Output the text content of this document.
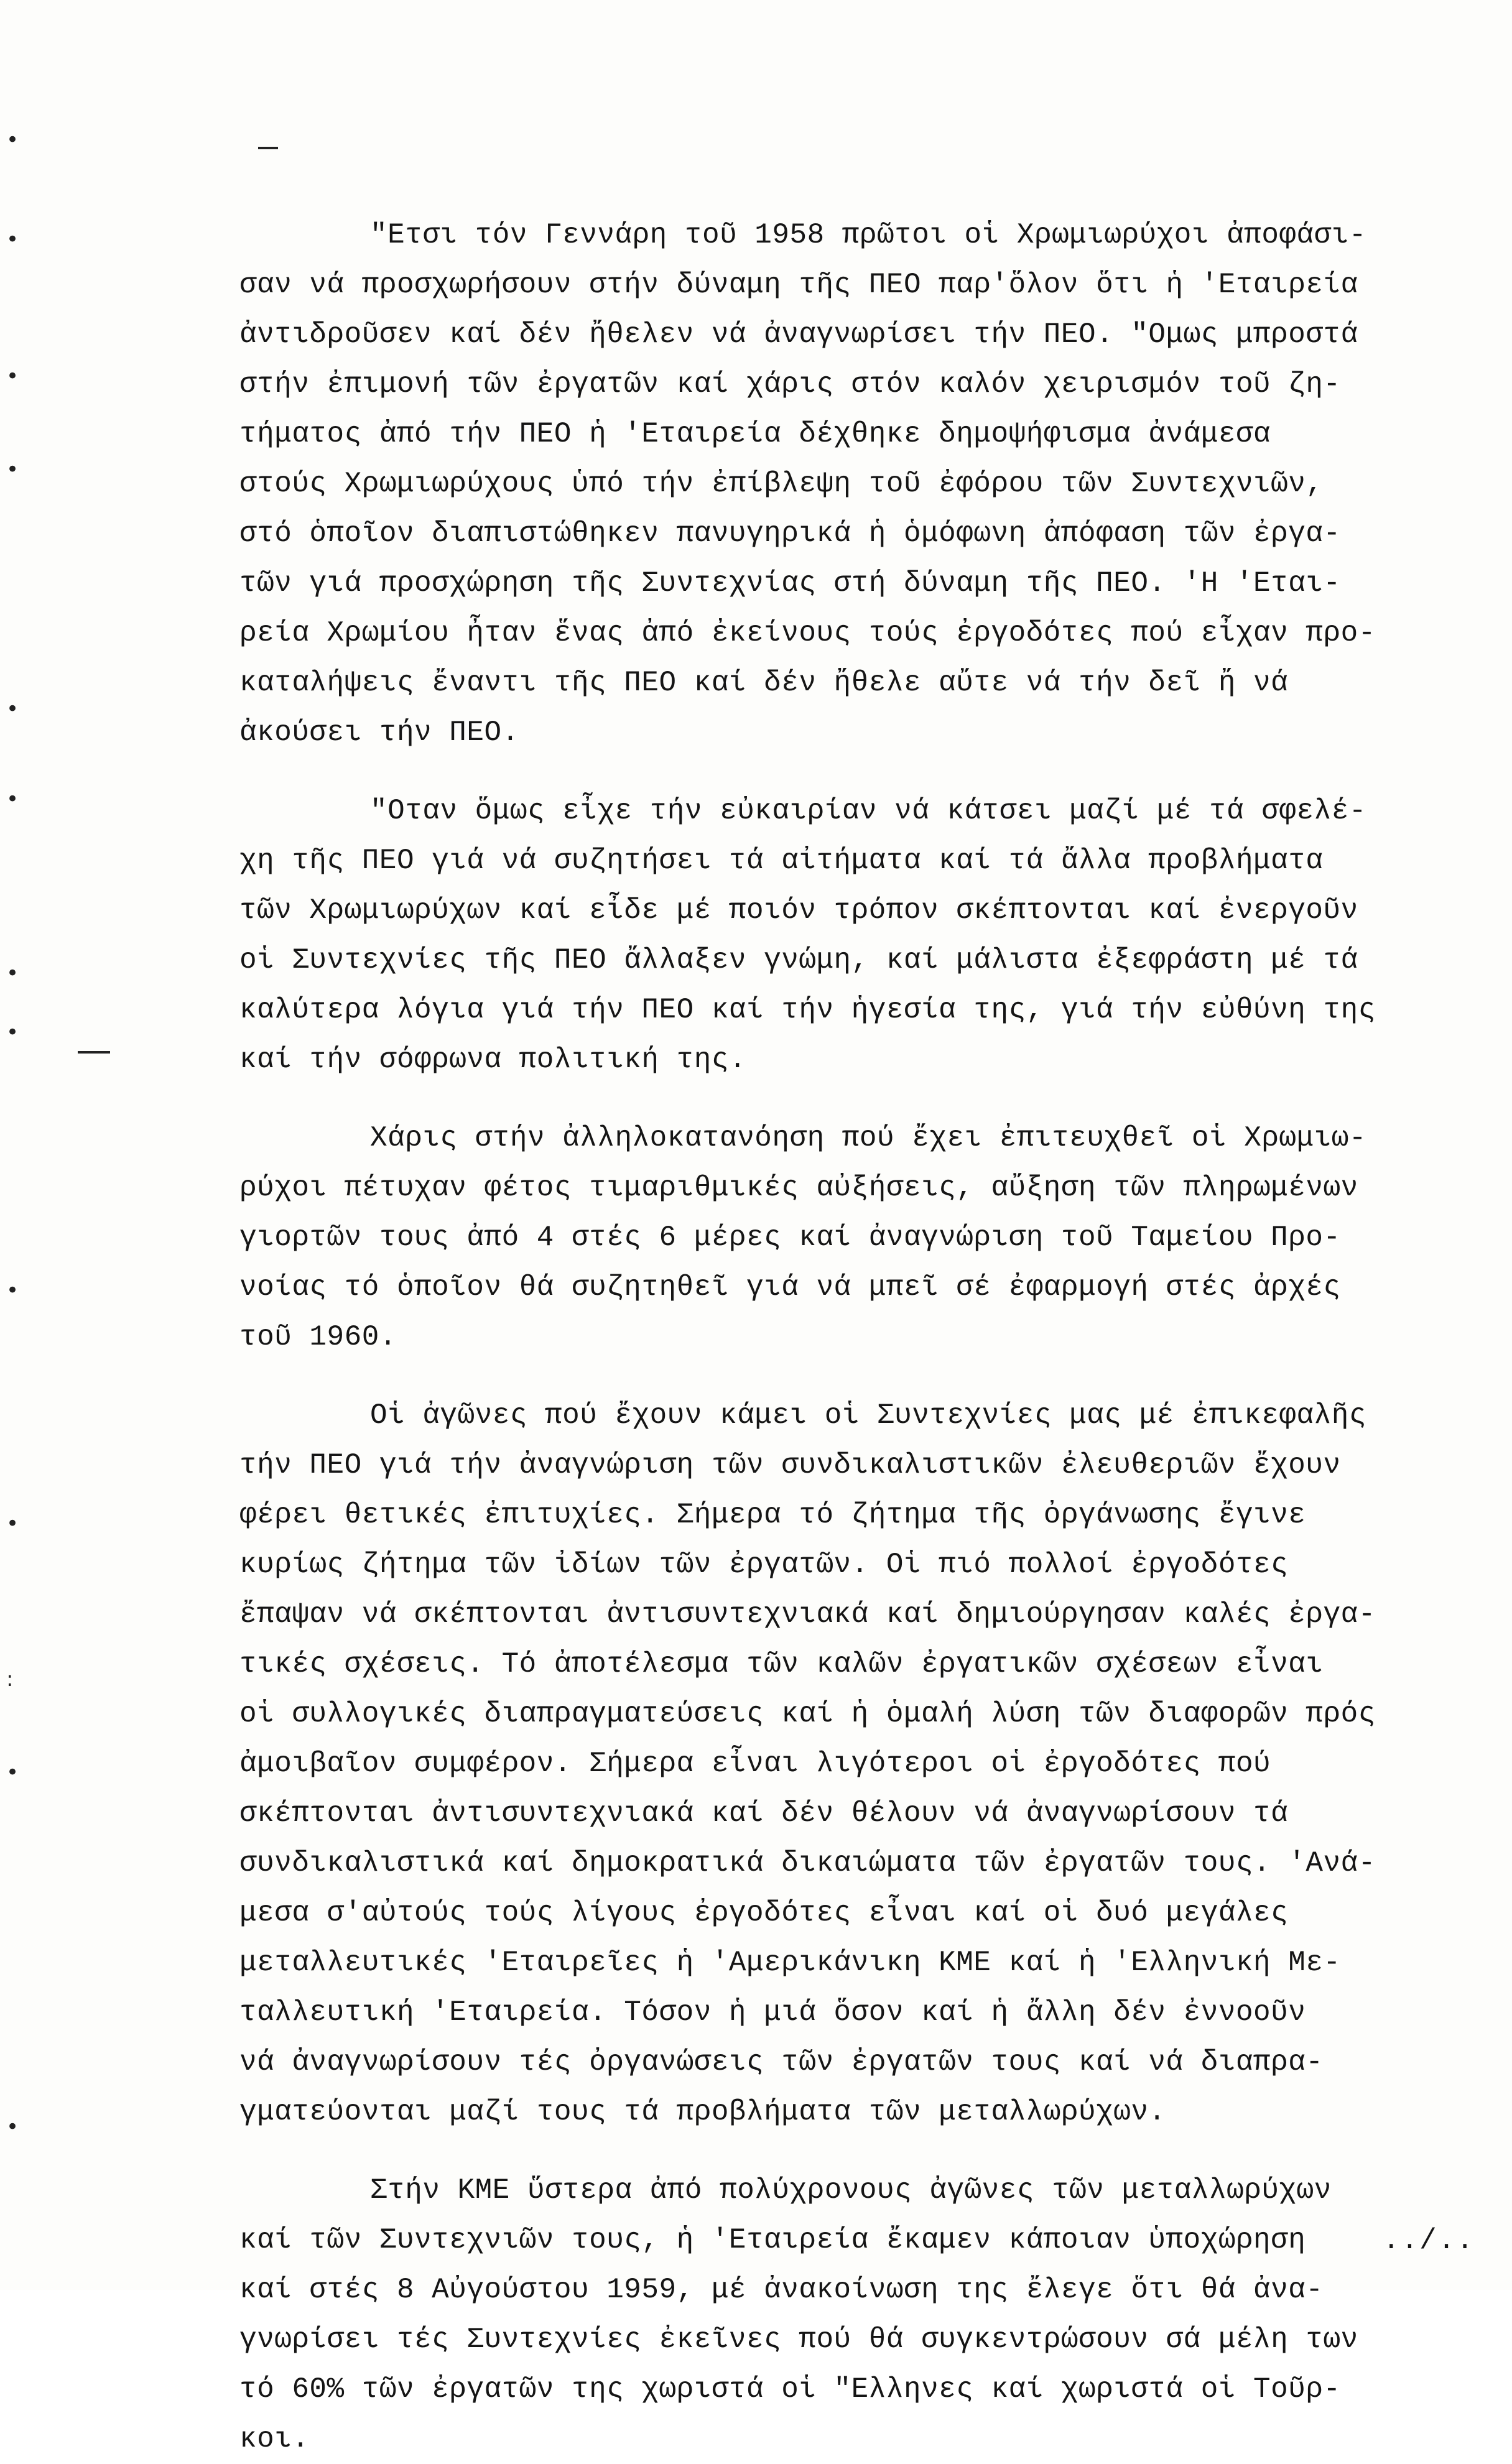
•
•
•
•
•
•
•
•
•
•
:
•
•
"Ετσι τόν Γεννάρη τοῦ 1958 πρῶτοι οἱ Χρωμιωρύχοι ἀποφάσι-
σαν νά προσχωρήσουν στήν δύναμη τῆς ΠΕΟ παρ'ὅλον ὅτι ἡ 'Εταιρεία
ἀντιδροῦσεν καί δέν ἤθελεν νά ἀναγνωρίσει τήν ΠΕΟ. "Ομως μπροστά
στήν ἐπιμονή τῶν ἐργατῶν καί χάρις στόν καλόν χειρισμόν τοῦ ζη-
τήματος ἀπό τήν ΠΕΟ ἡ 'Εταιρεία δέχθηκε δημοψήφισμα ἀνάμεσα
στούς Χρωμιωρύχους ὑπό τήν ἐπίβλεψη τοῦ ἐφόρου τῶν Συντεχνιῶν,
στό ὁποῖον διαπιστώθηκεν πανυγηρικά ἡ ὁμόφωνη ἀπόφαση τῶν ἐργα-
τῶν γιά προσχώρηση τῆς Συντεχνίας στή δύναμη τῆς ΠΕΟ. 'Η 'Εται-
ρεία Χρωμίου ἦταν ἕνας ἀπό ἐκείνους τούς ἐργοδότες πού εἶχαν προ-
καταλήψεις ἔναντι τῆς ΠΕΟ καί δέν ἤθελε αὔτε νά τήν δεῖ ἤ νά
ἀκούσει τήν ΠΕΟ.
"Οταν ὅμως εἶχε τήν εὐκαιρίαν νά κάτσει μαζί μέ τά σφελέ-
χη τῆς ΠΕΟ γιά νά συζητήσει τά αἰτήματα καί τά ἄλλα προβλήματα
τῶν Χρωμιωρύχων καί εἶδε μέ ποιόν τρόπον σκέπτονται καί ἐνεργοῦν
οἱ Συντεχνίες τῆς ΠΕΟ ἄλλαξεν γνώμη, καί μάλιστα ἐξεφράστη μέ τά
καλύτερα λόγια γιά τήν ΠΕΟ καί τήν ἡγεσία της, γιά τήν εὐθύνη της
καί τήν σόφρωνα πολιτική της.
Χάρις στήν ἀλληλοκατανόηση πού ἔχει ἐπιτευχθεῖ οἱ Χρωμιω-
ρύχοι πέτυχαν φέτος τιμαριθμικές αὐξήσεις, αὔξηση τῶν πληρωμένων
γιορτῶν τους ἀπό 4 στές 6 μέρες καί ἀναγνώριση τοῦ Ταμείου Προ-
νοίας τό ὁποῖον θά συζητηθεῖ γιά νά μπεῖ σέ ἐφαρμογή στές ἀρχές
τοῦ 1960.
Οἱ ἀγῶνες πού ἔχουν κάμει οἱ Συντεχνίες μας μέ ἐπικεφαλῆς
τήν ΠΕΟ γιά τήν ἀναγνώριση τῶν συνδικαλιστικῶν ἐλευθεριῶν ἔχουν
φέρει θετικές ἐπιτυχίες. Σήμερα τό ζήτημα τῆς ὀργάνωσης ἔγινε
κυρίως ζήτημα τῶν ἰδίων τῶν ἐργατῶν. Οἱ πιό πολλοί ἐργοδότες
ἔπαψαν νά σκέπτονται ἀντισυντεχνιακά καί δημιούργησαν καλές ἐργα-
τικές σχέσεις. Τό ἀποτέλεσμα τῶν καλῶν ἐργατικῶν σχέσεων εἶναι
οἱ συλλογικές διαπραγματεύσεις καί ἡ ὁμαλή λύση τῶν διαφορῶν πρός
ἀμοιβαῖον συμφέρον. Σήμερα εἶναι λιγότεροι οἱ ἐργοδότες πού
σκέπτονται ἀντισυντεχνιακά καί δέν θέλουν νά ἀναγνωρίσουν τά
συνδικαλιστικά καί δημοκρατικά δικαιώματα τῶν ἐργατῶν τους. 'Ανά-
μεσα σ'αὐτούς τούς λίγους ἐργοδότες εἶναι καί οἱ δυό μεγάλες
μεταλλευτικές 'Εταιρεῖες ἡ 'Αμερικάνικη ΚΜΕ καί ἡ 'Ελληνική Με-
ταλλευτική 'Εταιρεία. Τόσον ἡ μιά ὅσον καί ἡ ἄλλη δέν ἐννοοῦν
νά ἀναγνωρίσουν τές ὀργανώσεις τῶν ἐργατῶν τους καί νά διαπρα-
γματεύονται μαζί τους τά προβλήματα τῶν μεταλλωρύχων.
Στήν ΚΜΕ ὕστερα ἀπό πολύχρονους ἀγῶνες τῶν μεταλλωρύχων
καί τῶν Συντεχνιῶν τους, ἡ 'Εταιρεία ἔκαμεν κάποιαν ὑποχώρηση
καί στές 8 Αὐγούστου 1959, μέ ἀνακοίνωση της ἔλεγε ὅτι θά ἀνα-
γνωρίσει τές Συντεχνίες ἐκεῖνες πού θά συγκεντρώσουν σά μέλη των
τό 60% τῶν ἐργατῶν της χωριστά οἱ "Ελληνες καί χωριστά οἱ Τοῦρ-
κοι.
../..
